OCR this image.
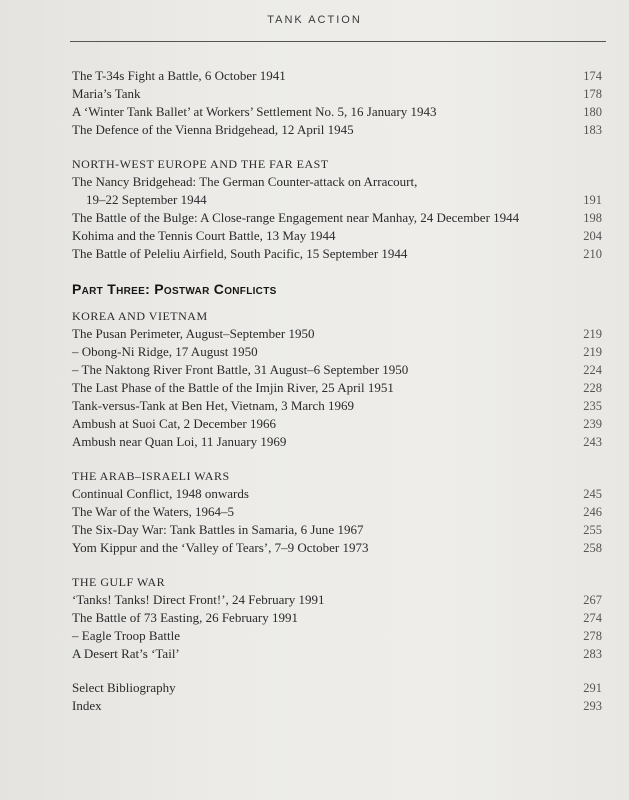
TANK ACTION
The T-34s Fight a Battle, 6 October 1941	174
Maria’s Tank	178
A ‘Winter Tank Ballet’ at Workers’ Settlement No. 5, 16 January 1943	180
The Defence of the Vienna Bridgehead, 12 April 1945	183
NORTH-WEST EUROPE AND THE FAR EAST
The Nancy Bridgehead: The German Counter-attack on Arracourt,
19–22 September 1944	191
The Battle of the Bulge: A Close-range Engagement near Manhay, 24 December 1944	198
Kohima and the Tennis Court Battle, 13 May 1944	204
The Battle of Peleliu Airfield, South Pacific, 15 September 1944	210
Part Three: Postwar Conflicts
KOREA AND VIETNAM
The Pusan Perimeter, August–September 1950	219
– Obong-Ni Ridge, 17 August 1950	219
– The Naktong River Front Battle, 31 August–6 September 1950	224
The Last Phase of the Battle of the Imjin River, 25 April 1951	228
Tank-versus-Tank at Ben Het, Vietnam, 3 March 1969	235
Ambush at Suoi Cat, 2 December 1966	239
Ambush near Quan Loi, 11 January 1969	243
THE ARAB–ISRAELI WARS
Continual Conflict, 1948 onwards	245
The War of the Waters, 1964–5	246
The Six-Day War: Tank Battles in Samaria, 6 June 1967	255
Yom Kippur and the ‘Valley of Tears’, 7–9 October 1973	258
THE GULF WAR
‘Tanks! Tanks! Direct Front!’, 24 February 1991	267
The Battle of 73 Easting, 26 February 1991	274
– Eagle Troop Battle	278
A Desert Rat’s ‘Tail’	283
Select Bibliography	291
Index	293
